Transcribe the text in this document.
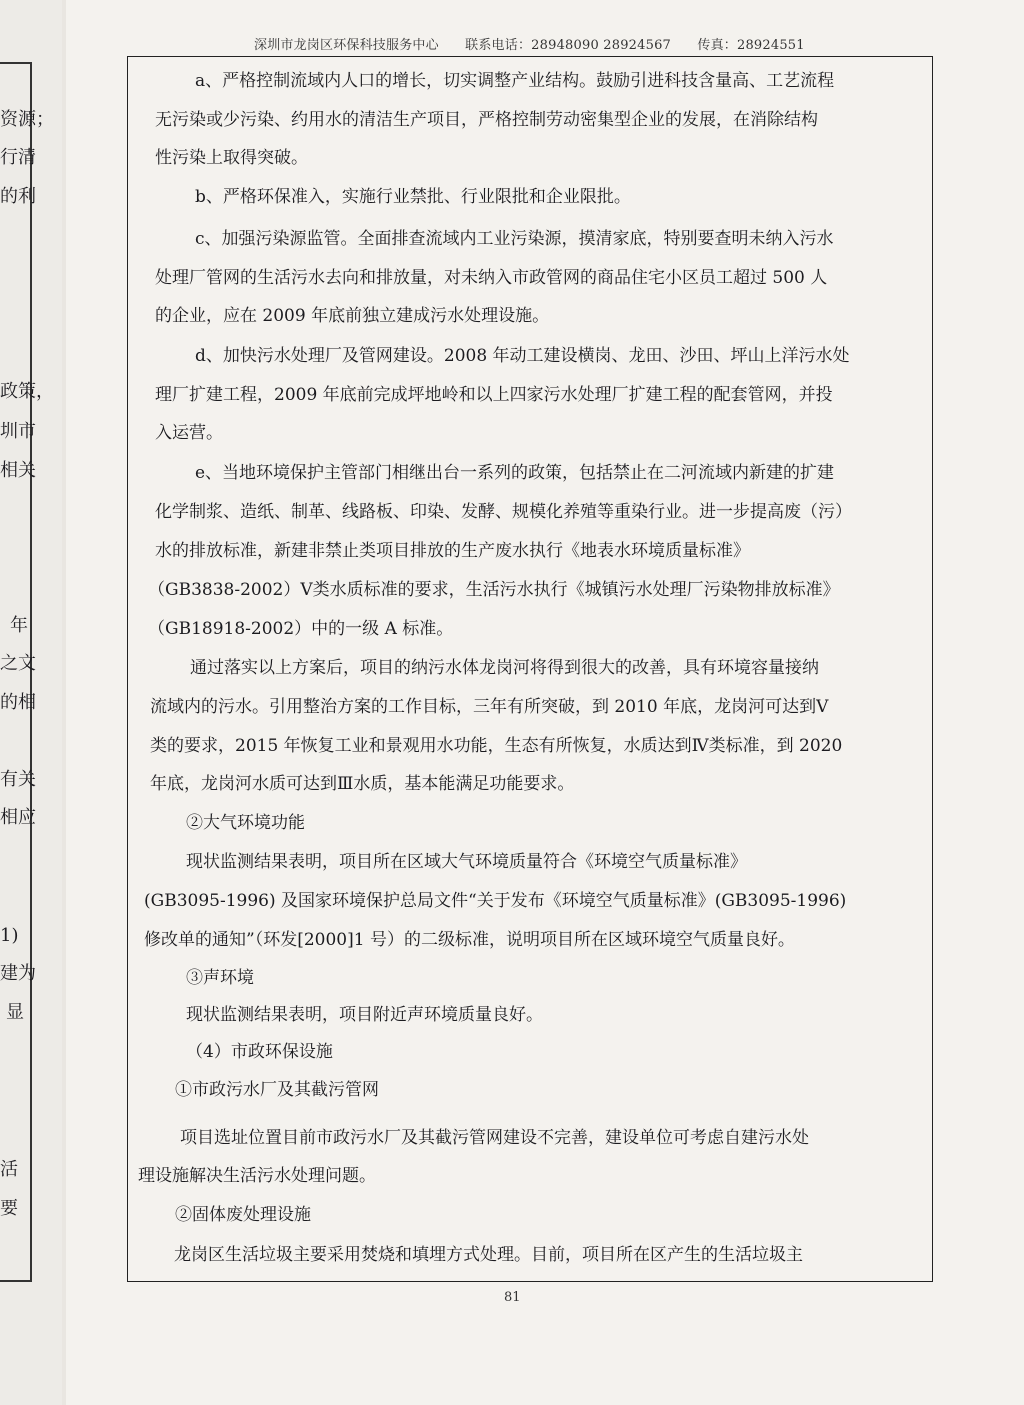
资源；
行清
的利
政策，
圳市
相关
年
之文
的相
有关
相应
1)
建为
显
活
要
深圳市龙岗区环保科技服务中心 联系电话：28948090 28924567 传真：28924551
a、严格控制流域内人口的增长，切实调整产业结构。鼓励引进科技含量高、工艺流程
无污染或少污染、约用水的清洁生产项目，严格控制劳动密集型企业的发展，在消除结构
性污染上取得突破。
b、严格环保准入，实施行业禁批、行业限批和企业限批。
c、加强污染源监管。全面排查流域内工业污染源，摸清家底，特别要查明未纳入污水
处理厂管网的生活污水去向和排放量，对未纳入市政管网的商品住宅小区员工超过 500 人
的企业，应在 2009 年底前独立建成污水处理设施。
d、加快污水处理厂及管网建设。2008 年动工建设横岗、龙田、沙田、坪山上洋污水处
理厂扩建工程，2009 年底前完成坪地岭和以上四家污水处理厂扩建工程的配套管网，并投
入运营。
e、当地环境保护主管部门相继出台一系列的政策，包括禁止在二河流域内新建的扩建
化学制浆、造纸、制革、线路板、印染、发酵、规模化养殖等重染行业。进一步提高废（污）
水的排放标准，新建非禁止类项目排放的生产废水执行《地表水环境质量标准》
（GB3838-2002）Ⅴ类水质标准的要求，生活污水执行《城镇污水处理厂污染物排放标准》
（GB18918-2002）中的一级 A 标准。
通过落实以上方案后，项目的纳污水体龙岗河将得到很大的改善，具有环境容量接纳
流域内的污水。引用整治方案的工作目标，三年有所突破，到 2010 年底，龙岗河可达到Ⅴ
类的要求，2015 年恢复工业和景观用水功能，生态有所恢复，水质达到Ⅳ类标准，到 2020
年底，龙岗河水质可达到Ⅲ水质，基本能满足功能要求。
②大气环境功能
现状监测结果表明，项目所在区域大气环境质量符合《环境空气质量标准》
(GB3095-1996) 及国家环境保护总局文件“关于发布《环境空气质量标准》(GB3095-1996)
修改单的通知”（环发[2000]1 号）的二级标准，说明项目所在区域环境空气质量良好。
③声环境
现状监测结果表明，项目附近声环境质量良好。
（4）市政环保设施
①市政污水厂及其截污管网
项目选址位置目前市政污水厂及其截污管网建设不完善，建设单位可考虑自建污水处
理设施解决生活污水处理问题。
②固体废处理设施
龙岗区生活垃圾主要采用焚烧和填埋方式处理。目前，项目所在区产生的生活垃圾主
81
